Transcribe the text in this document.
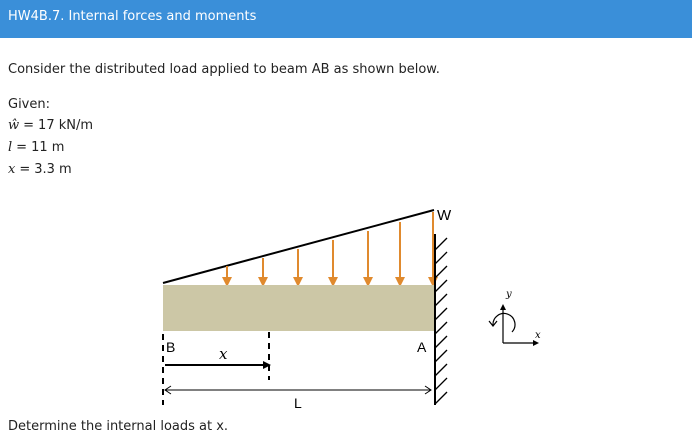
HW4B.7. Internal forces and moments
Consider the distributed load applied to beam AB as shown below.
Given:
ŵ = 17 kN/m
l = 11 m
x = 3.3 m
W
B	A
x
L
y
x
Determine the internal loads at x.
